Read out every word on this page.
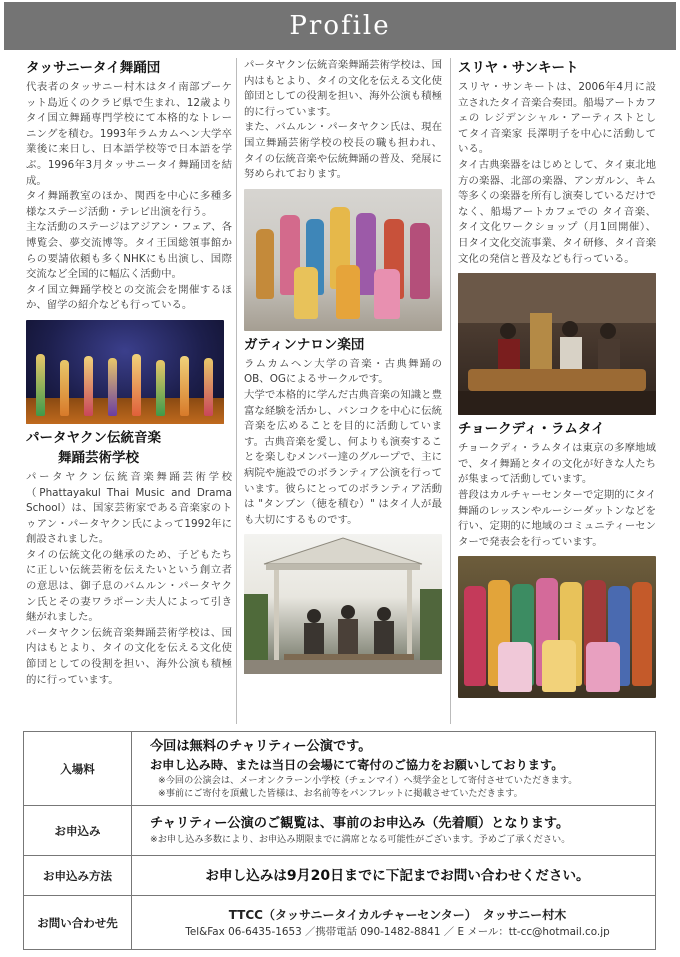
Profile
タッサニータイ舞踊団

代表者のタッサニー村木はタイ南部プーケット島近くのクラビ県で生まれ、12歳よりタイ国立舞踊専門学校にて本格的なトレーニングを積む。1993年ラムカムヘン大学卒業後に来日し、日本語学校等で日本語を学ぶ。1996年3月タッサニータイ舞踊団を結成。

タイ舞踊教室のほか、関西を中心に多種多様なステージ活動・テレビ出演を行う。

主な活動のステージはアジアン・フェア、各博覧会、夢交流博等。タイ王国総領事館からの要請依頼も多くNHKにも出演し、国際交流など全国的に幅広く活動中。

タイ国立舞踊学校との交流会を開催するほか、留学の紹介なども行っている。

パータヤクン伝統音楽
舞踊芸術学校

パータヤクン伝統音楽舞踊芸術学校（Phattayakul Thai Music and Drama School）は、国家芸術家である音楽家のトゥアン・パータヤクン氏によって1992年に創設されました。

タイの伝統文化の継承のため、子どもたちに正しい伝統芸術を伝えたいという創立者の意思は、御子息のバムルン・パータヤクン氏とその妻ワラポーン夫人によって引き継がれました。

パータヤクン伝統音楽舞踊芸術学校は、国内はもとより、タイの文化を伝える文化使節団としての役割を担い、海外公演も積極的に行っています。

パータヤクン伝統音楽舞踊芸術学校は、国内はもとより、タイの文化を伝える文化使節団としての役割を担い、海外公演も積極的に行っています。

また、バムルン・パータヤクン氏は、現在国立舞踊芸術学校の校長の職も担われ、タイの伝統音楽や伝統舞踊の普及、発展に努められております。

ガティンナロン楽団

ラムカムヘン大学の音楽・古典舞踊のOB、OGによるサークルです。

大学で本格的に学んだ古典音楽の知識と豊富な経験を活かし、バンコクを中心に伝統音楽を広めることを目的に活動しています。古典音楽を愛し、何よりも演奏することを楽しむメンバー達のグループで、主に病院や施設でのボランティア公演を行っています。彼らにとってのボランティア活動は "タンブン（徳を積む）" はタイ人が最も大切にするものです。

スリヤ・サンキート

スリヤ・サンキートは、2006年4月に設立されたタイ音楽合奏団。船場アートカフェの レジデンシャル・アーティストとしてタイ音楽家 長澤明子を中心に活動している。

タイ古典楽器をはじめとして、タイ東北地方の楽器、北部の楽器、アンガルン、キム等多くの楽器を所有し演奏しているだけでなく、船場アートカフェでの タイ音楽、タイ文化ワークショップ（月1回開催）、日タイ文化交流事業、タイ研修、タイ音楽文化の発信と普及なども行っている。

チョークディ・ラムタイ

チョークディ・ラムタイは東京の多摩地域で、タイ舞踊とタイの文化が好きな人たちが集まって活動しています。

普段はカルチャーセンターで定期的にタイ舞踊のレッスンやルーシーダットンなどを行い、定期的に地域のコミュニティーセンターで発表会を行っています。

入場料	今回は無料のチャリティー公演です。
お申し込み時、または当日の会場にて寄付のご協力をお願いしております。
※今回の公演会は、メーオンクラーン小学校（チェンマイ）へ奨学金として寄付させていただきます。
※事前にご寄付を頂戴した皆様は、お名前等をパンフレットに掲載させていただきます。

お申込み	チャリティー公演のご観覧は、事前のお申込み（先着順）となります。
※お申し込み多数により、お申込み期限までに満席となる可能性がございます。予めご了承ください。

お申込み方法	お申し込みは9月20日までに下記までお問い合わせください。

お問い合わせ先	TTCC（タッサニータイカルチャーセンター）　タッサニー村木
Tel&Fax 06-6435-1653 ／携帯電話 090-1482-8841 ／ E メール：tt-cc@hotmail.co.jp
